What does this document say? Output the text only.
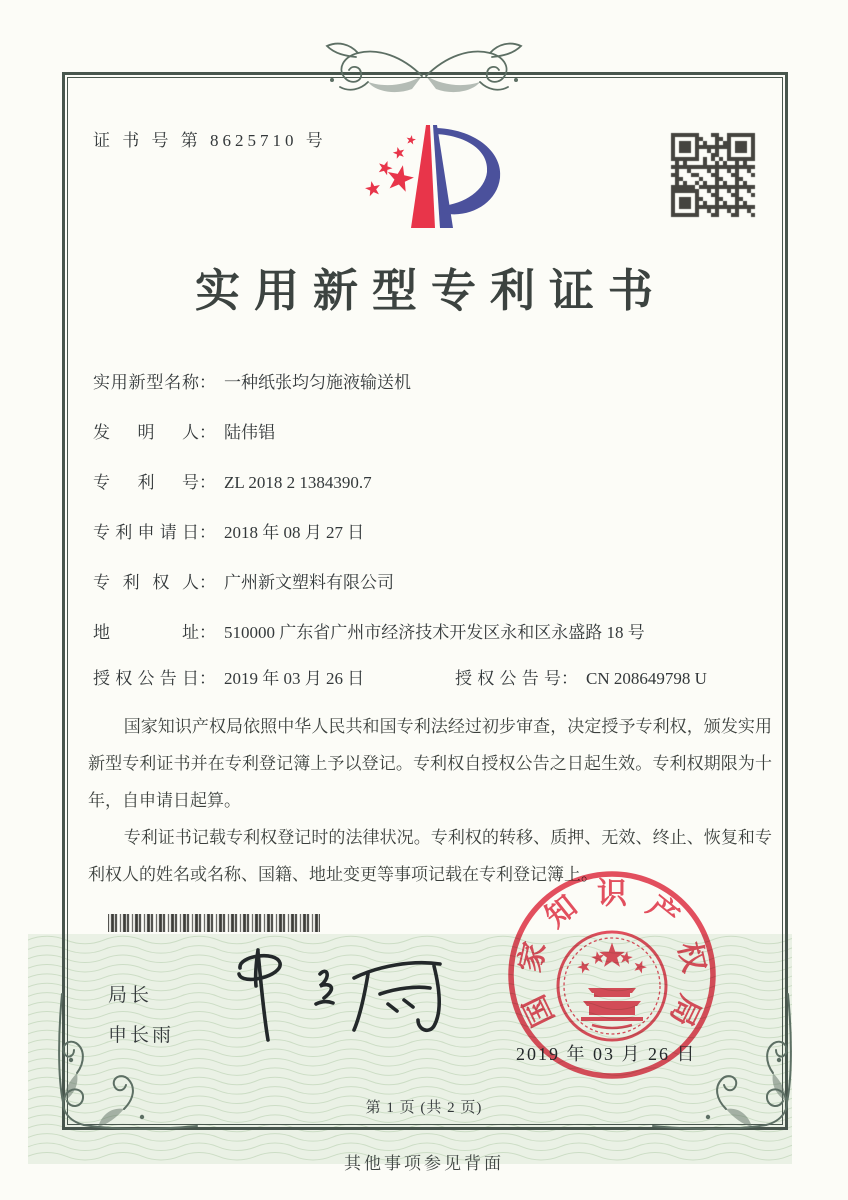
证 书 号 第 8625710 号
实用新型专利证书
实用新型名称： 一种纸张均匀施液输送机
发明人： 陆伟锠
专利号： ZL 2018 2 1384390.7
专利申请日： 2018 年 08 月 27 日
专利权人： 广州新文塑料有限公司
地址： 510000 广东省广州市经济技术开发区永和区永盛路 18 号
授权公告日： 2019 年 03 月 26 日	授权公告号： CN 208649798 U

国家知识产权局依照中华人民共和国专利法经过初步审查，决定授予专利权，颁发实用新型专利证书并在专利登记簿上予以登记。专利权自授权公告之日起生效。专利权期限为十年，自申请日起算。

专利证书记载专利权登记时的法律状况。专利权的转移、质押、无效、终止、恢复和专利权人的姓名或名称、国籍、地址变更等事项记载在专利登记簿上。

局长
申长雨
国
家
知 识 产
权
局
2019 年 03 月 26 日
第 1 页 (共 2 页)
其他事项参见背面
